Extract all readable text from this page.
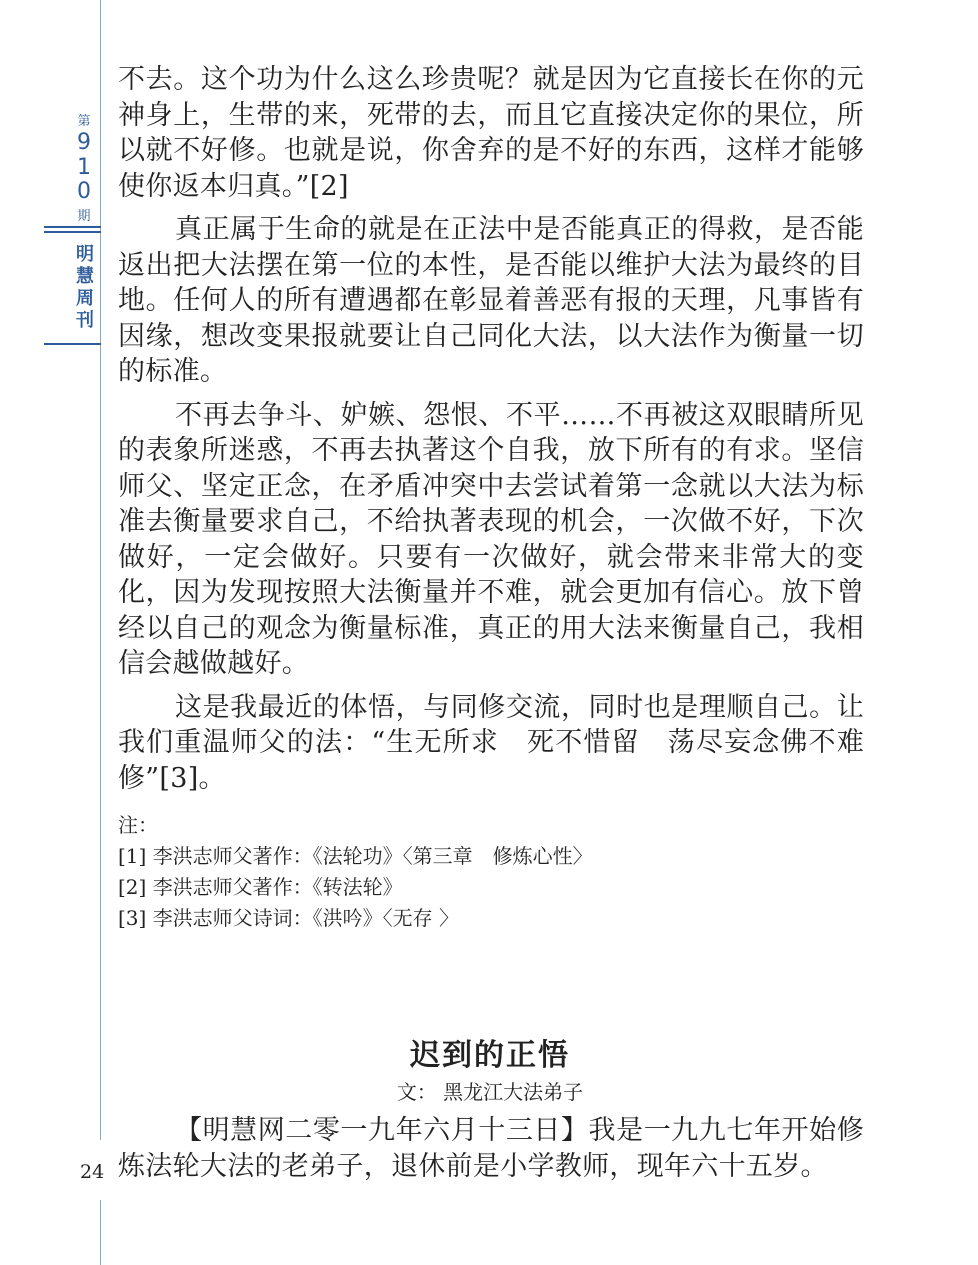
第
9
1
0
期
明
慧
周
刊
24

不去。这个功为什么这么珍贵呢？就是因为它直接长在你的元神身上，生带的来，死带的去，而且它直接决定你的果位，所以就不好修。也就是说，你舍弃的是不好的东西，这样才能够使你返本归真。”[2]

真正属于生命的就是在正法中是否能真正的得救，是否能返出把大法摆在第一位的本性，是否能以维护大法为最终的目地。任何人的所有遭遇都在彰显着善恶有报的天理，凡事皆有因缘，想改变果报就要让自己同化大法，以大法作为衡量一切的标准。

不再去争斗、妒嫉、怨恨、不平……不再被这双眼睛所见的表象所迷惑，不再去执著这个自我，放下所有的有求。坚信师父、坚定正念，在矛盾冲突中去尝试着第一念就以大法为标准去衡量要求自己，不给执著表现的机会，一次做不好，下次做好，一定会做好。只要有一次做好，就会带来非常大的变化，因为发现按照大法衡量并不难，就会更加有信心。放下曾经以自己的观念为衡量标准，真正的用大法来衡量自己，我相信会越做越好。

这是我最近的体悟，与同修交流，同时也是理顺自己。让我们重温师父的法：“生无所求　死不惜留　荡尽妄念佛不难修”[3]。

注：
[1] 李洪志师父著作：《法轮功》〈第三章　修炼心性〉
[2] 李洪志师父著作：《转法轮》
[3] 李洪志师父诗词：《洪吟》〈无存 〉
迟到的正悟
文： 黑龙江大法弟子

【明慧网二零一九年六月十三日】我是一九九七年开始修炼法轮大法的老弟子，退休前是小学教师，现年六十五岁。
